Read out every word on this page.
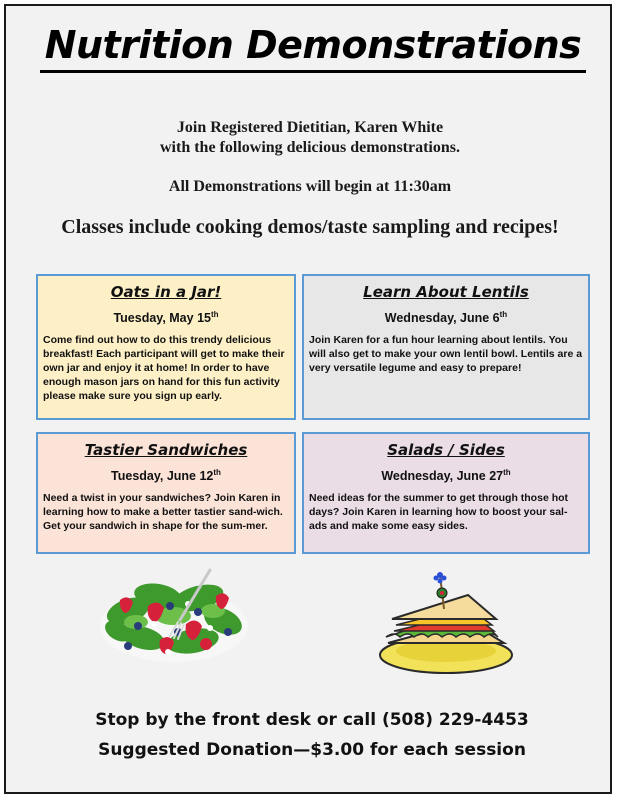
Nutrition Demonstrations
Join Registered Dietitian, Karen White
with the following delicious demonstrations.
All Demonstrations will begin at 11:30am
Classes include cooking demos/taste sampling and recipes!
Oats in a Jar!
Tuesday, May 15th

Come find out how to do this trendy delicious breakfast! Each participant will get to make their own jar and enjoy it at home! In order to have enough mason jars on hand for this fun activity please make sure you sign up early.

Learn About Lentils
Wednesday, June 6th

Join Karen for a fun hour learning about lentils. You will also get to make your own lentil bowl. Lentils are a very versatile legume and easy to prepare!

Tastier Sandwiches
Tuesday, June 12th

Need a twist in your sandwiches? Join Karen in learning how to make a better tastier sand-wich. Get your sandwich in shape for the sum-mer.

Salads / Sides
Wednesday, June 27th

Need ideas for the summer to get through those hot days? Join Karen in learning how to boost your sal-ads and make some easy sides.

Stop by the front desk or call (508) 229-4453
Suggested Donation—$3.00 for each session
